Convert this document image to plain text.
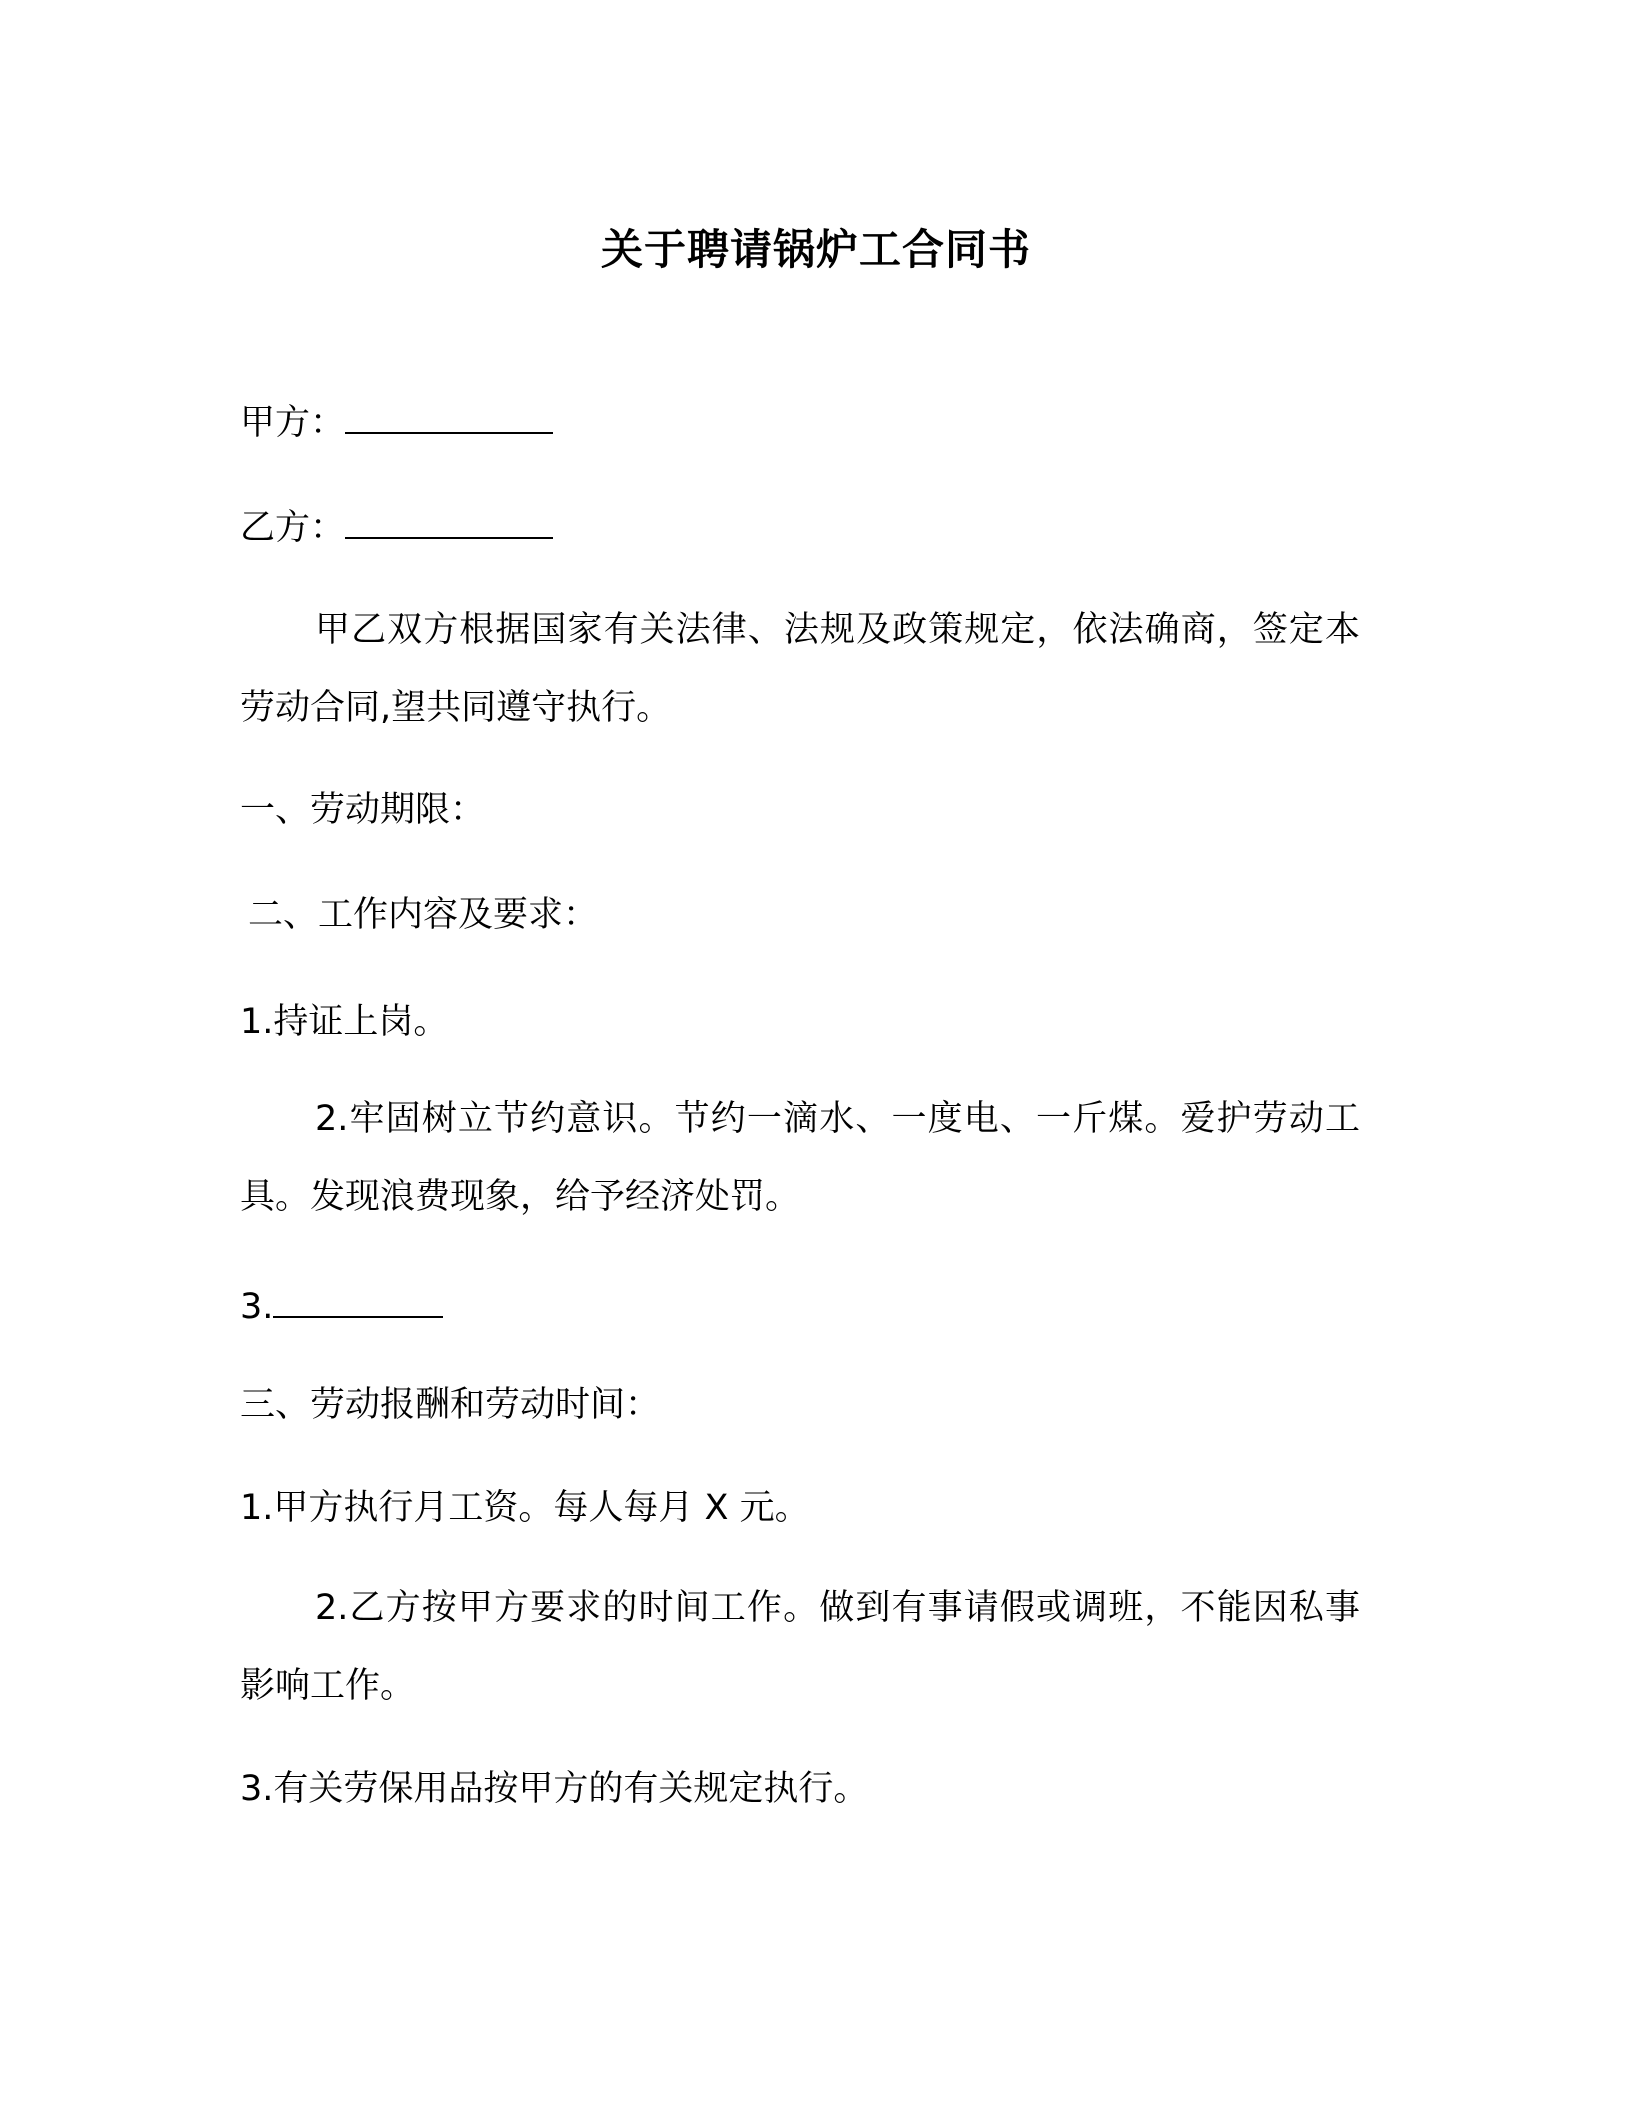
关于聘请锅炉工合同书
甲方：
乙方：
甲乙双方根据国家有关法律、法规及政策规定，依法确商，签定本劳动合同,望共同遵守执行。
一、劳动期限：
二、工作内容及要求：
1.持证上岗。
2.牢固树立节约意识。节约一滴水、一度电、一斤煤。爱护劳动工具。发现浪费现象，给予经济处罚。
3.
三、劳动报酬和劳动时间：
1.甲方执行月工资。每人每月 X 元。
2.乙方按甲方要求的时间工作。做到有事请假或调班，不能因私事影响工作。
3.有关劳保用品按甲方的有关规定执行。
